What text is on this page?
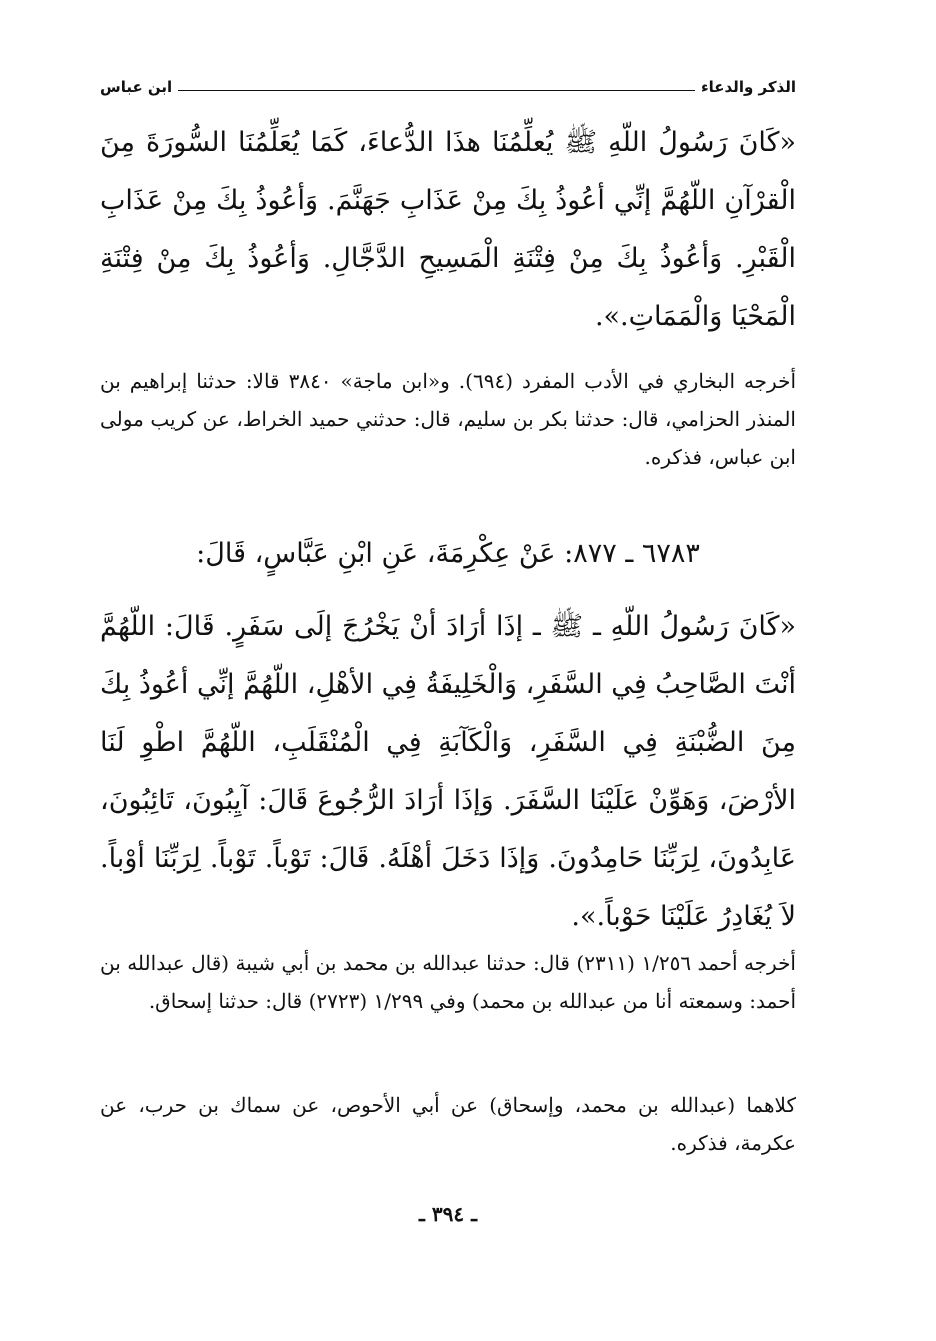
الذكر والدعاء
ابن عباس
«كَانَ رَسُولُ اللّهِ ﷺ يُعلِّمُنَا هذَا الدُّعاءَ، كَمَا يُعَلِّمُنَا السُّورَةَ مِنَ الْقرْآنِ اللّهُمَّ إنِّي أعُوذُ بِكَ مِنْ عَذَابِ جَهَنَّمَ. وَأعُوذُ بِكَ مِنْ عَذَابِ الْقَبْرِ. وَأعُوذُ بِكَ مِنْ فِتْنَةِ الْمَسِيحِ الدَّجَّالِ. وَأعُوذُ بِكَ مِنْ فِتْنَةِ الْمَحْيَا وَالْمَمَاتِ.».
أخرجه البخاري في الأدب المفرد (٦٩٤). و«ابن ماجة» ٣٨٤٠ قالا: حدثنا إبراهيم بن المنذر الحزامي، قال: حدثنا بكر بن سليم، قال: حدثني حميد الخراط، عن كريب مولى ابن عباس، فذكره.
٦٧٨٣ ـ ٨٧٧: عَنْ عِكْرِمَةَ، عَنِ ابْنِ عَبَّاسٍ، قَالَ:
«كَانَ رَسُولُ اللّهِ ـ ﷺ ـ إذَا أرَادَ أنْ يَخْرُجَ إلَى سَفَرٍ. قَالَ: اللّهُمَّ أنْتَ الصَّاحِبُ فِي السَّفَرِ، وَالْخَلِيفَةُ فِي الأهْلِ، اللّهُمَّ إنِّي أعُوذُ بِكَ مِنَ الضُّبْنَةِ فِي السَّفَرِ، وَالْكَآبَةِ فِي الْمُنْقَلَبِ، اللّهُمَّ اطْوِ لَنَا الأرْضَ، وَهَوِّنْ عَلَيْنَا السَّفَرَ. وَإذَا أرَادَ الرُّجُوعَ قَالَ: آيِبُونَ، تَائِبُونَ، عَابِدُونَ، لِرَبِّنَا حَامِدُونَ. وَإذَا دَخَلَ أهْلَهُ. قَالَ: تَوْباً. تَوْباً. لِرَبِّنَا أوْباً. لاَ يُغَادِرُ عَلَيْنَا حَوْباً.».
أخرجه أحمد ١/٢٥٦ (٢٣١١) قال: حدثنا عبدالله بن محمد بن أبي شيبة (قال عبدالله بن أحمد: وسمعته أنا من عبدالله بن محمد) وفي ١/٢٩٩ (٢٧٢٣) قال: حدثنا إسحاق.
كلاهما (عبدالله بن محمد، وإسحاق) عن أبي الأحوص، عن سماك بن حرب، عن عكرمة، فذكره.
ـ ٣٩٤ ـ
